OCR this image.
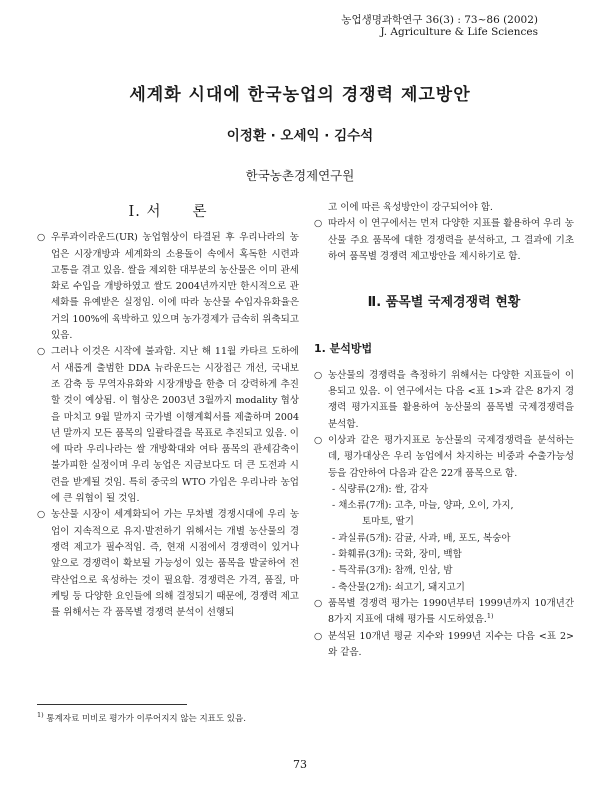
농업생명과학연구 36(3) : 73~86 (2002)
J. Agriculture & Life Sciences
세계화 시대에 한국농업의 경쟁력 제고방안
이정환 · 오세익 · 김수석
한국농촌경제연구원
I. 서　　론
○ 우루과이라운드(UR) 농업협상이 타결된 후 우리나라의 농업은 시장개방과 세계화의 소용돌이 속에서 혹독한 시련과 고통을 겪고 있음. 쌀을 제외한 대부분의 농산물은 이미 관세화로 수입을 개방하였고 쌀도 2004년까지만 한시적으로 관세화를 유예받은 실정임. 이에 따라 농산물 수입자유화율은 거의 100%에 육박하고 있으며 농가경제가 급속히 위축되고 있음.
○ 그러나 이것은 시작에 불과함. 지난 해 11월 카타르 도하에서 새롭게 출범한 DDA 뉴라운드는 시장접근 개선, 국내보조 감축 등 무역자유화와 시장개방을 한층 더 강력하게 추진할 것이 예상됨. 이 협상은 2003년 3월까지 modality 협상을 마치고 9월 말까지 국가별 이행계획서를 제출하며 2004년 말까지 모든 품목의 일괄타결을 목표로 추진되고 있음. 이에 따라 우리나라는 쌀 개방확대와 여타 품목의 관세감축이 불가피한 실정이며 우리 농업은 지금보다도 더 큰 도전과 시련을 받게될 것임. 특히 중국의 WTO 가입은 우리나라 농업에 큰 위협이 될 것임.
○ 농산물 시장이 세계화되어 가는 무차별 경쟁시대에 우리 농업이 지속적으로 유지·발전하기 위해서는 개별 농산물의 경쟁력 제고가 필수적임. 즉, 현재 시점에서 경쟁력이 있거나 앞으로 경쟁력이 확보될 가능성이 있는 품목을 발굴하여 전략산업으로 육성하는 것이 필요함. 경쟁력은 가격, 품질, 마케팅 등 다양한 요인들에 의해 결정되기 때문에, 경쟁력 제고를 위해서는 각 품목별 경쟁력 분석이 선행되
고 이에 따른 육성방안이 강구되어야 함.
○ 따라서 이 연구에서는 먼저 다양한 지표를 활용하여 우리 농산물 주요 품목에 대한 경쟁력을 분석하고, 그 결과에 기초하여 품목별 경쟁력 제고방안을 제시하기로 함.
Ⅱ. 품목별 국제경쟁력 현황
1. 분석방법
○ 농산물의 경쟁력을 측정하기 위해서는 다양한 지표들이 이용되고 있음. 이 연구에서는 다음 <표 1>과 같은 8가지 경쟁력 평가지표를 활용하여 농산물의 품목별 국제경쟁력을 분석함.
○ 이상과 같은 평가지표로 농산물의 국제경쟁력을 분석하는데, 평가대상은 우리 농업에서 차지하는 비중과 수출가능성 등을 감안하여 다음과 같은 22개 품목으로 함.
- 식량류(2개): 쌀, 감자
- 채소류(7개): 고추, 마늘, 양파, 오이, 가지,
토마토, 딸기
- 과실류(5개): 감귤, 사과, 배, 포도, 복숭아
- 화훼류(3개): 국화, 장미, 백합
- 특작류(3개): 참깨, 인삼, 밤
- 축산물(2개): 쇠고기, 돼지고기
○ 품목별 경쟁력 평가는 1990년부터 1999년까지 10개년간 8가지 지표에 대해 평가를 시도하였음.$^{1)}$
○ 분석된 10개년 평균 지수와 1999년 지수는 다음 <표 2>와 같음.
$^{1)}$ 통계자료 미비로 평가가 이루어지지 않는 지표도 있음.
73
